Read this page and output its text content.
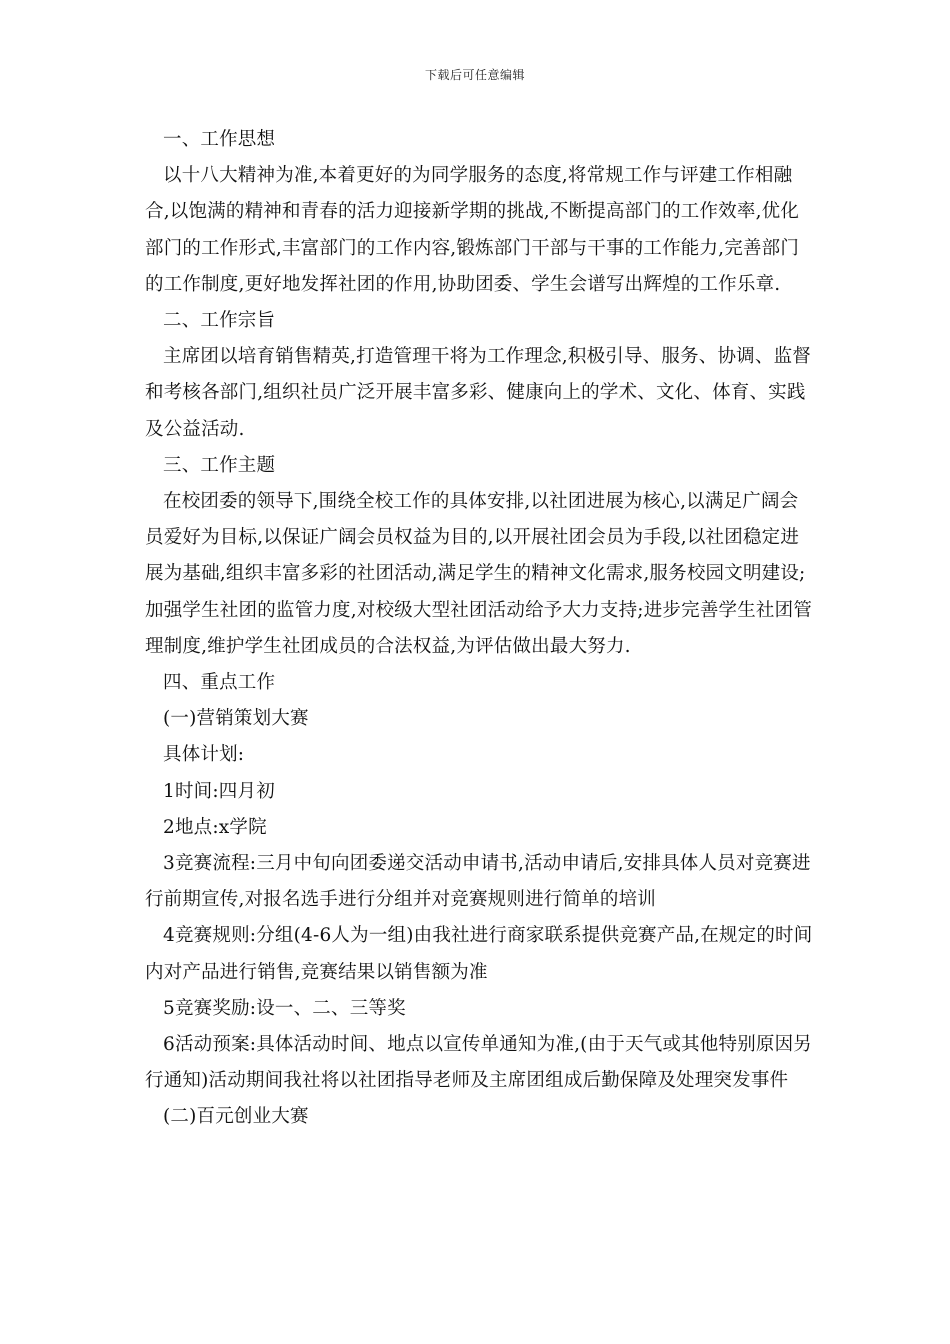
下载后可任意编辑

一、工作思想

以十八大精神为准,本着更好的为同学服务的态度,将常规工作与评建工作相融合,以饱满的精神和青春的活力迎接新学期的挑战,不断提高部门的工作效率,优化部门的工作形式,丰富部门的工作内容,锻炼部门干部与干事的工作能力,完善部门的工作制度,更好地发挥社团的作用,协助团委、学生会谱写出辉煌的工作乐章.

二、工作宗旨

主席团以培育销售精英,打造管理干将为工作理念,积极引导、服务、协调、监督和考核各部门,组织社员广泛开展丰富多彩、健康向上的学术、文化、体育、实践及公益活动.

三、工作主题

在校团委的领导下,围绕全校工作的具体安排,以社团进展为核心,以满足广阔会员爱好为目标,以保证广阔会员权益为目的,以开展社团会员为手段,以社团稳定进展为基础,组织丰富多彩的社团活动,满足学生的精神文化需求,服务校园文明建设;加强学生社团的监管力度,对校级大型社团活动给予大力支持;进步完善学生社团管理制度,维护学生社团成员的合法权益,为评估做出最大努力.

四、重点工作

(一)营销策划大赛

具体计划:

1时间:四月初

2地点:x学院

3竞赛流程:三月中旬向团委递交活动申请书,活动申请后,安排具体人员对竞赛进行前期宣传,对报名选手进行分组并对竞赛规则进行简单的培训

4竞赛规则:分组(4-6人为一组)由我社进行商家联系提供竞赛产品,在规定的时间内对产品进行销售,竞赛结果以销售额为准

5竞赛奖励:设一、二、三等奖

6活动预案:具体活动时间、地点以宣传单通知为准,(由于天气或其他特别原因另行通知)活动期间我社将以社团指导老师及主席团组成后勤保障及处理突发事件

(二)百元创业大赛
